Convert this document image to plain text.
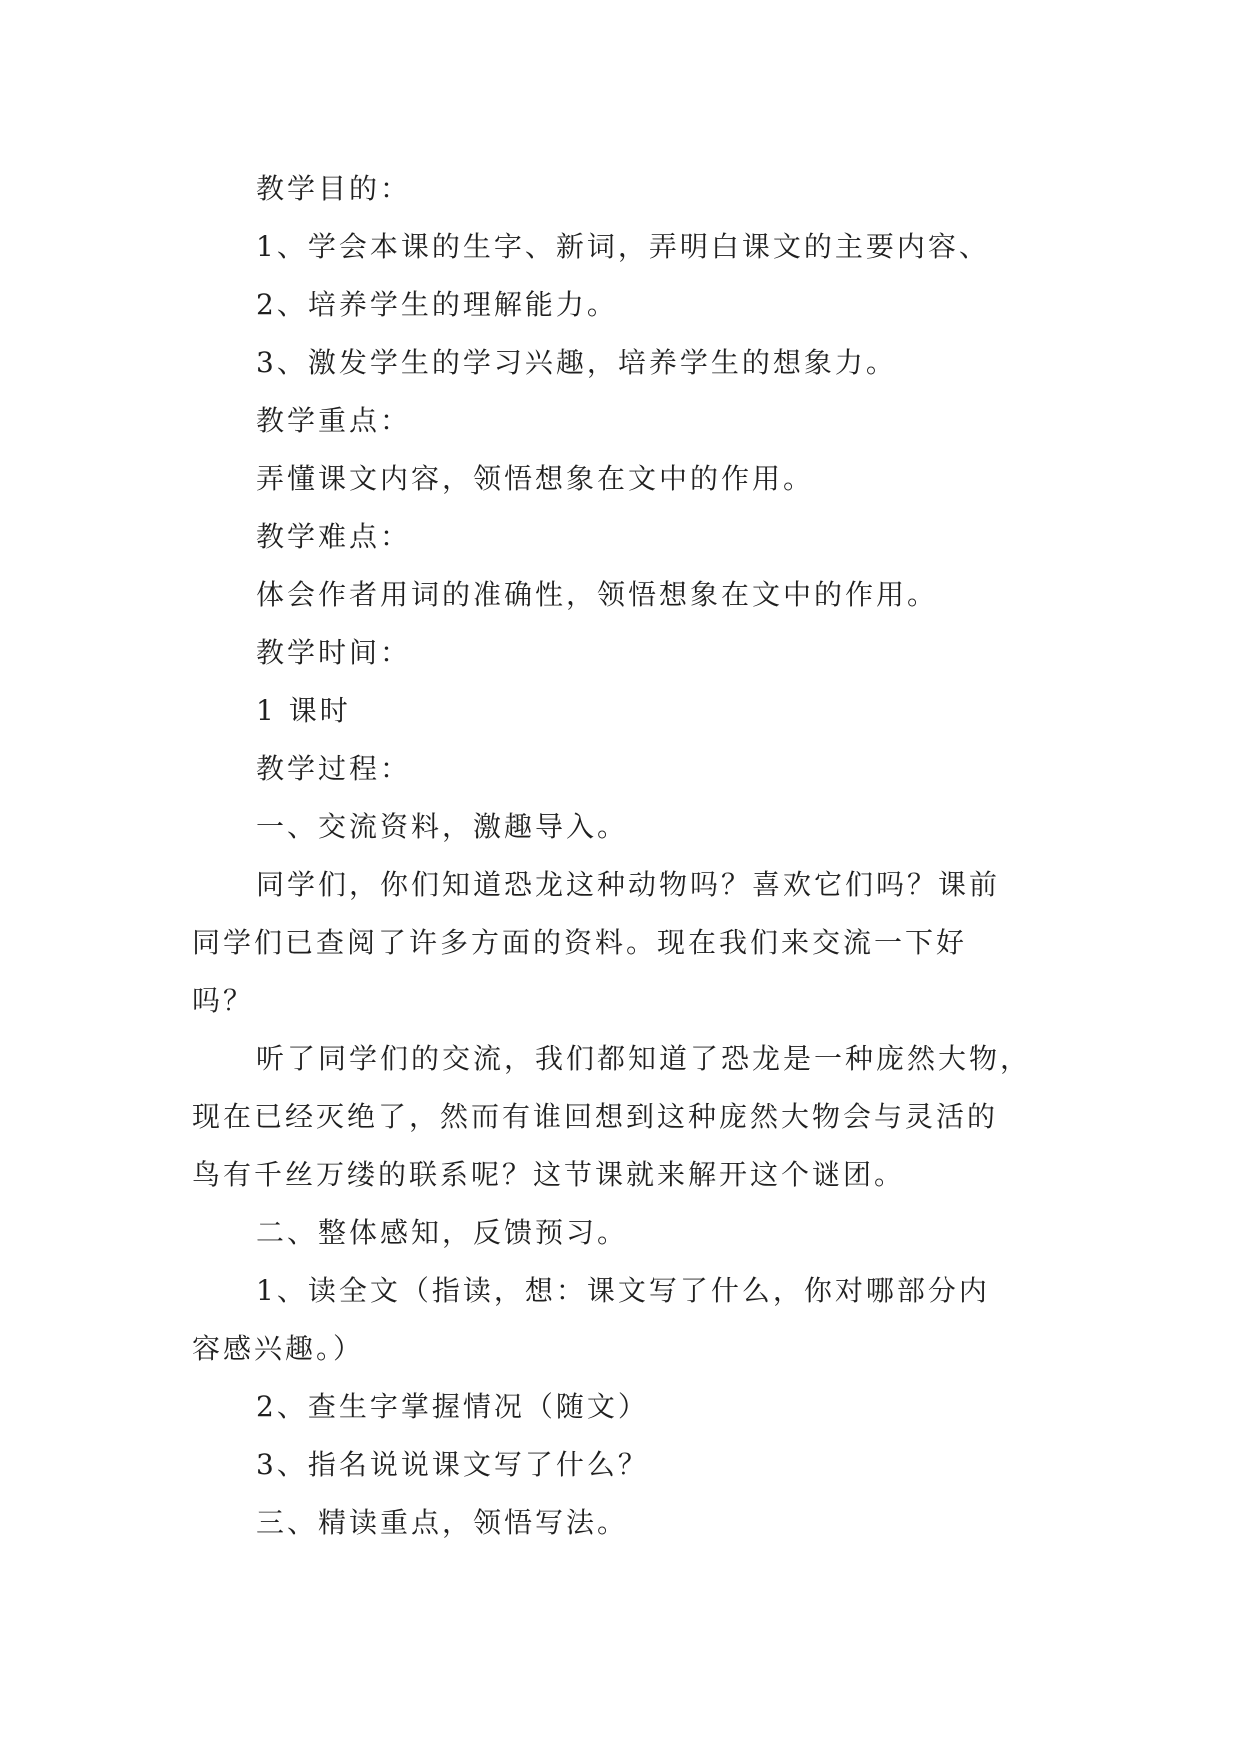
教学目的：
1、学会本课的生字、新词，弄明白课文的主要内容、
2、培养学生的理解能力。
3、激发学生的学习兴趣，培养学生的想象力。
教学重点：
弄懂课文内容，领悟想象在文中的作用。
教学难点：
体会作者用词的准确性，领悟想象在文中的作用。
教学时间：
1 课时
教学过程：
一、交流资料，激趣导入。
同学们，你们知道恐龙这种动物吗？喜欢它们吗？课前
同学们已查阅了许多方面的资料。现在我们来交流一下好
吗？
听了同学们的交流，我们都知道了恐龙是一种庞然大物，
现在已经灭绝了，然而有谁回想到这种庞然大物会与灵活的
鸟有千丝万缕的联系呢？这节课就来解开这个谜团。
二、整体感知，反馈预习。
1、读全文（指读，想：课文写了什么，你对哪部分内
容感兴趣。）
2、查生字掌握情况（随文）
3、指名说说课文写了什么？
三、精读重点，领悟写法。
